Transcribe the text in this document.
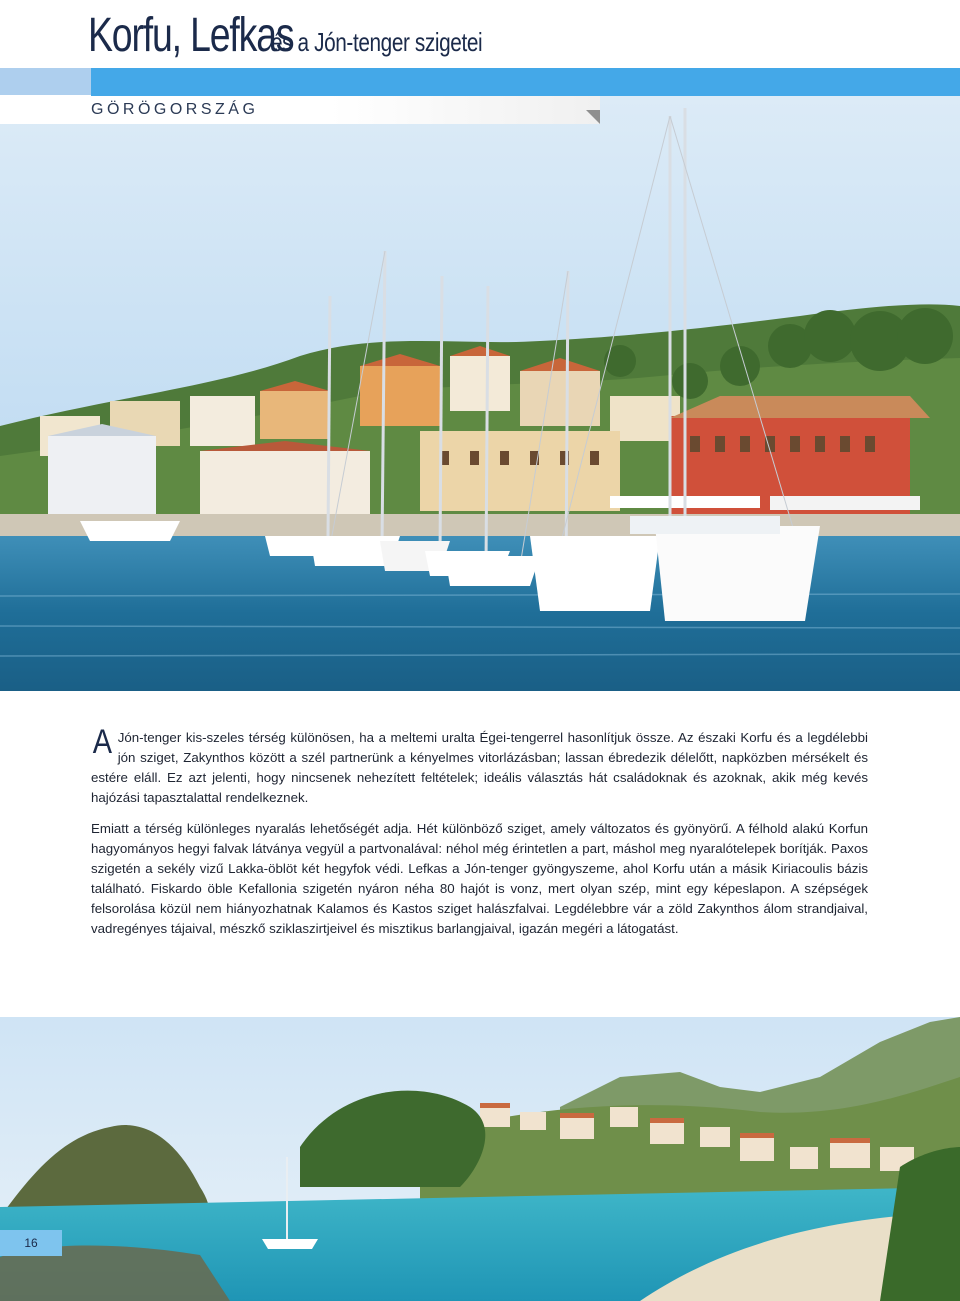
Korfu, Lefkas
és a Jón-tenger szigetei
GÖRÖGORSZÁG

A Jón-tenger kis-szeles térség különösen, ha a meltemi uralta Égei-tengerrel hasonlítjuk össze. Az északi Korfu és a legdélebbi jón sziget, Zakynthos között a szél partnerünk a kényelmes vitorlázásban; lassan ébredezik délelőtt, napközben mérsékelt és estére eláll. Ez azt jelenti, hogy nincsenek nehezített feltételek; ideális választás hát családoknak és azoknak, akik még kevés hajózási tapasztalattal rendelkeznek.

Emiatt a térség különleges nyaralás lehetőségét adja. Hét különböző sziget, amely változatos és gyönyörű. A félhold alakú Korfun hagyományos hegyi falvak látványa vegyül a partvonalával: néhol még érintetlen a part, máshol meg nyaralótelepek borítják. Paxos szigetén a sekély vizű Lakka-öblöt két hegyfok védi. Lefkas a Jón-tenger gyöngyszeme, ahol Korfu után a másik Kiriacoulis bázis található. Fiskardo öble Kefallonia szigetén nyáron néha 80 hajót is vonz, mert olyan szép, mint egy képeslapon. A szépségek felsorolása közül nem hiányozhatnak Kalamos és Kastos sziget halászfalvai. Legdélebbre vár a zöld Zakynthos álom strandjaival, vadregényes tájaival, mészkő sziklaszirtjeivel és misztikus barlangjaival, igazán megéri a látogatást.

16
